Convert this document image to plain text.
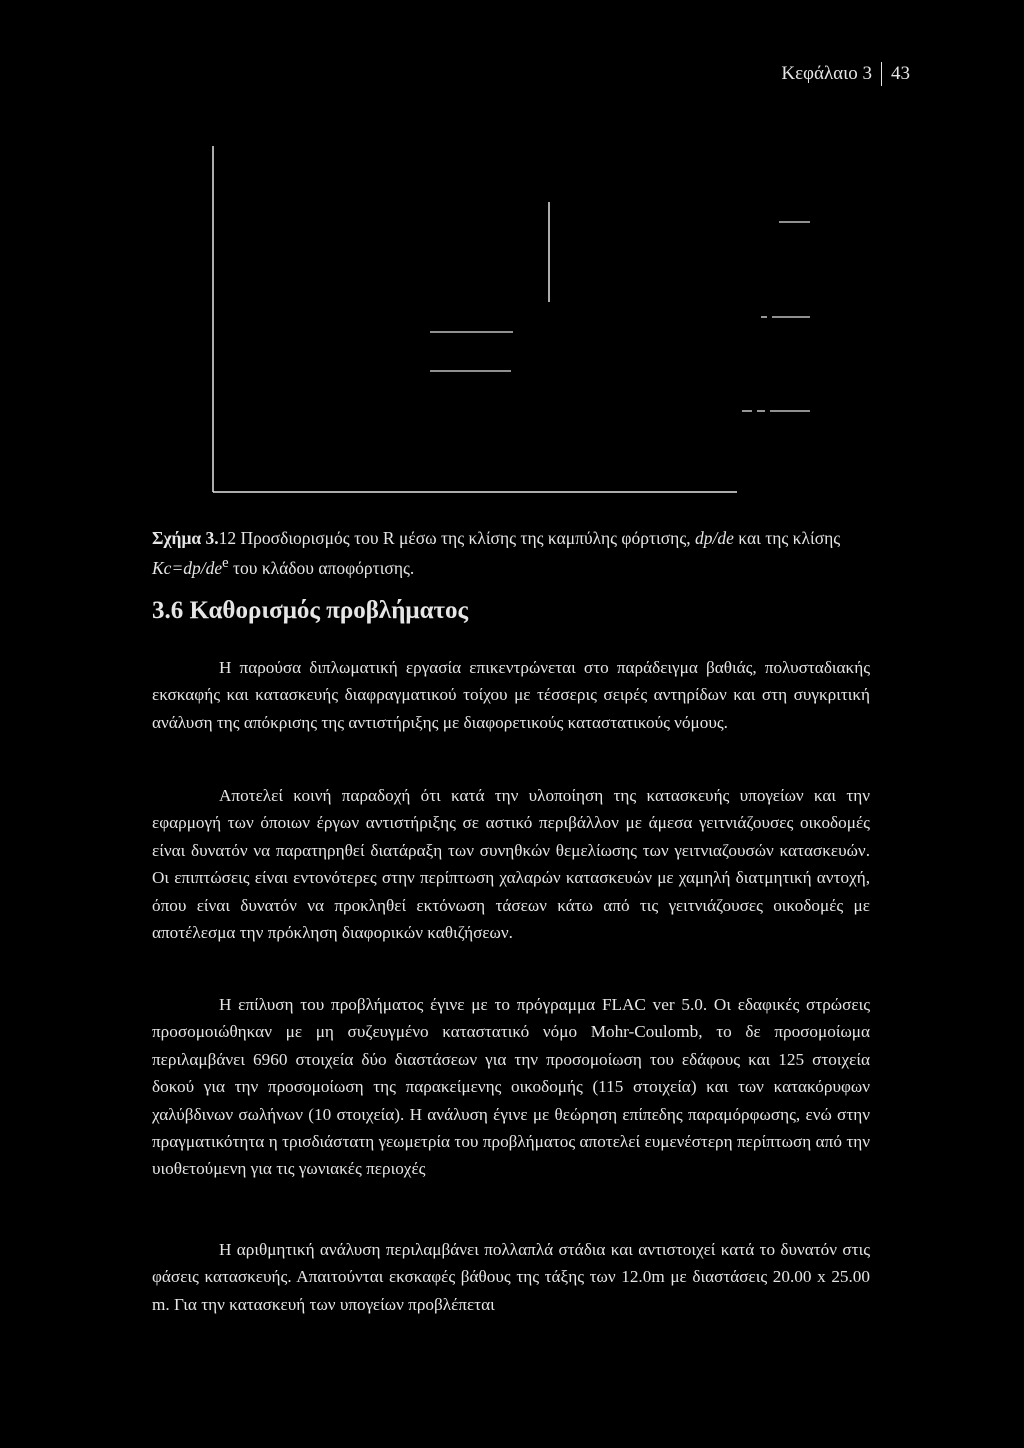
Κεφάλαιο 3 43
Σχήμα 3.12 Προσδιορισμός του R μέσω της κλίσης της καμπύλης φόρτισης, dp/de και της κλίσης $Kc=dp/de^e$ του κλάδου αποφόρτισης.
3.6 Καθορισμός προβλήματος

Η παρούσα διπλωματική εργασία επικεντρώνεται στο παράδειγμα βαθιάς, πολυσταδιακής εκσκαφής και κατασκευής διαφραγματικού τοίχου με τέσσερις σειρές αντηρίδων και στη συγκριτική ανάλυση της απόκρισης της αντιστήριξης με διαφορετικούς καταστατικούς νόμους.

Αποτελεί κοινή παραδοχή ότι κατά την υλοποίηση της κατασκευής υπογείων και την εφαρμογή των όποιων έργων αντιστήριξης σε αστικό περιβάλλον με άμεσα γειτνιάζουσες οικοδομές είναι δυνατόν να παρατηρηθεί διατάραξη των συνηθκών θεμελίωσης των γειτνιαζουσών κατασκευών. Οι επιπτώσεις είναι εντονότερες στην περίπτωση χαλαρών κατασκευών με χαμηλή διατμητική αντοχή, όπου είναι δυνατόν να προκληθεί εκτόνωση τάσεων κάτω από τις γειτνιάζουσες οικοδομές με αποτέλεσμα την πρόκληση διαφορικών καθιζήσεων.

Η επίλυση του προβλήματος έγινε με το πρόγραμμα FLAC ver 5.0. Οι εδαφικές στρώσεις προσομοιώθηκαν με μη συζευγμένο καταστατικό νόμο Mohr-Coulomb, το δε προσομοίωμα περιλαμβάνει 6960 στοιχεία δύο διαστάσεων για την προσομοίωση του εδάφους και 125 στοιχεία δοκού για την προσομοίωση της παρακείμενης οικοδομής (115 στοιχεία) και των κατακόρυφων χαλύβδινων σωλήνων (10 στοιχεία). Η ανάλυση έγινε με θεώρηση επίπεδης παραμόρφωσης, ενώ στην πραγματικότητα η τρισδιάστατη γεωμετρία του προβλήματος αποτελεί ευμενέστερη περίπτωση από την υιοθετούμενη για τις γωνιακές περιοχές

Η αριθμητική ανάλυση περιλαμβάνει πολλαπλά στάδια και αντιστοιχεί κατά το δυνατόν στις φάσεις κατασκευής. Απαιτούνται εκσκαφές βάθους της τάξης των 12.0m με διαστάσεις 20.00 x 25.00 m. Για την κατασκευή των υπογείων προβλέπεται
